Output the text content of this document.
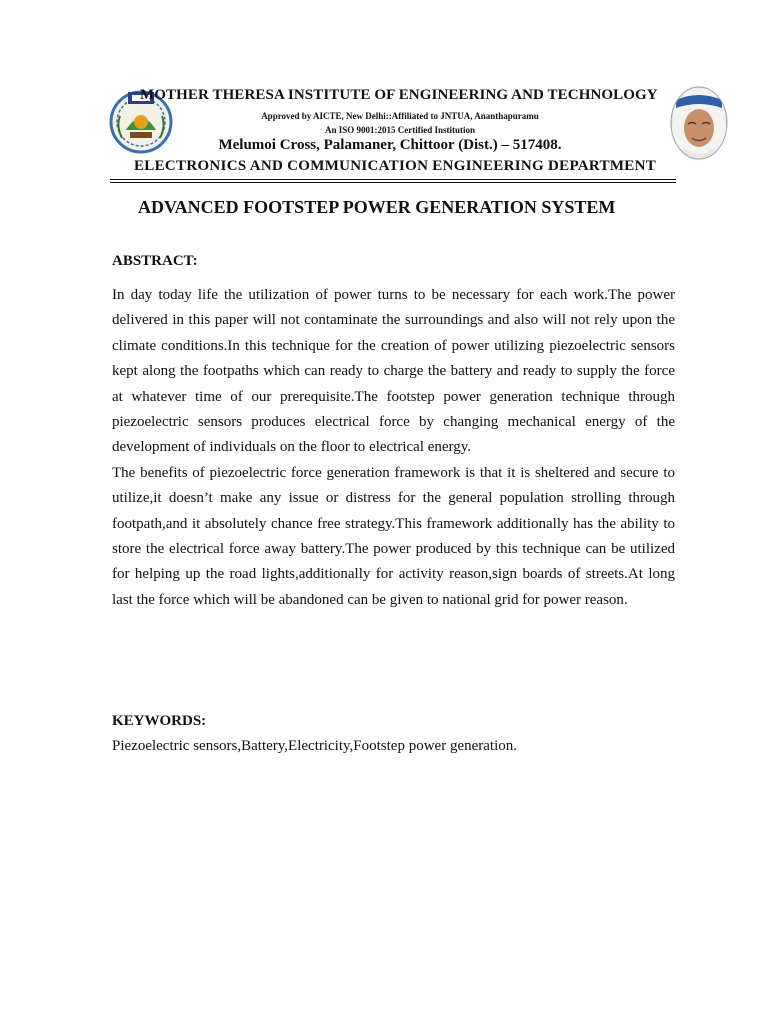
MOTHER THERESA INSTITUTE OF ENGINEERING AND TECHNOLOGY
Approved by AICTE, New Delhi::Affiliated to JNTUA, Ananthapuramu
An ISO 9001:2015 Certified Institution
Melumoi Cross, Palamaner, Chittoor (Dist.) – 517408.
ELECTRONICS AND COMMUNICATION ENGINEERING DEPARTMENT
ADVANCED FOOTSTEP POWER GENERATION SYSTEM
ABSTRACT:

In day today life the utilization of power turns to be necessary for each work.The power delivered in this paper will not contaminate the surroundings and also will not rely upon the climate conditions.In this technique for the creation of power utilizing piezoelectric sensors kept along the footpaths which can ready to charge the battery and ready to supply the force at whatever time of our prerequisite.The footstep power generation technique through piezoelectric sensors produces electrical force by changing mechanical energy of the development of individuals on the floor to electrical energy.

The benefits of piezoelectric force generation framework is that it is sheltered and secure to utilize,it doesn’t make any issue or distress for the general population strolling through footpath,and it absolutely chance free strategy.This framework additionally has the ability to store the electrical force away battery.The power produced by this technique can be utilized for helping up the road lights,additionally for activity reason,sign boards of streets.At long last the force which will be abandoned can be given to national grid for power reason.

KEYWORDS:
Piezoelectric sensors,Battery,Electricity,Footstep power generation.
